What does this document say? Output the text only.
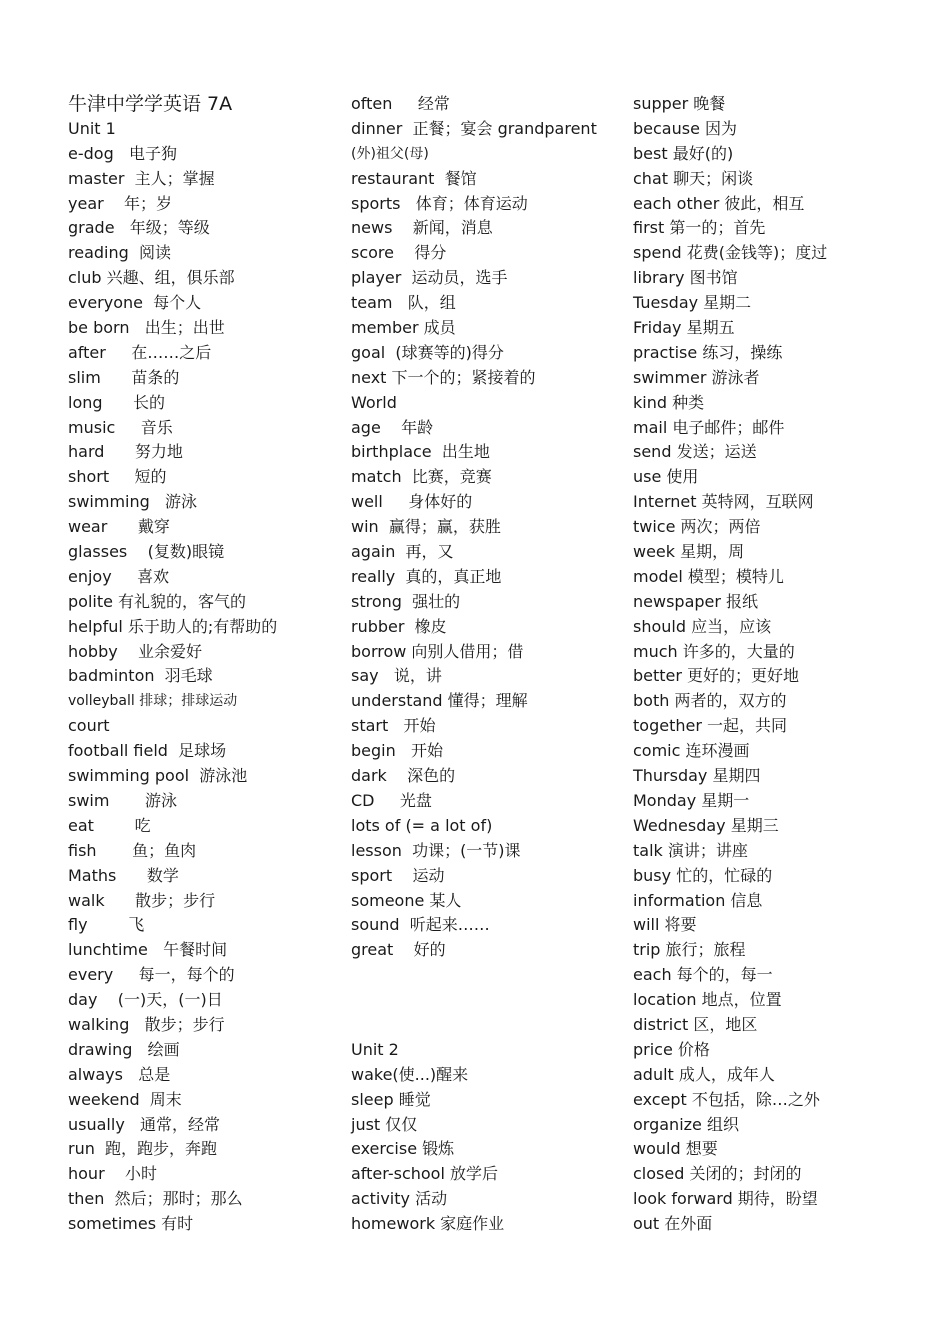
牛津中学学英语 7A
Unit 1
e-dog   电子狗
master  主人；掌握
year    年；岁
grade   年级；等级
reading  阅读
club 兴趣、组，俱乐部
everyone  每个人
be born   出生；出世
after     在……之后
slim      苗条的
long      长的
music     音乐
hard      努力地
short     短的
swimming   游泳
wear      戴穿
glasses    (复数)眼镜
enjoy     喜欢
polite 有礼貌的，客气的
helpful 乐于助人的;有帮助的
hobby    业余爱好
badminton  羽毛球
volleyball 排球；排球运动
court
football field  足球场
swimming pool  游泳池
swim       游泳
eat        吃
fish       鱼；鱼肉
Maths      数学
walk      散步；步行
fly        飞
lunchtime   午餐时间
every     每一，每个的
day    (一)天，(一)日
walking   散步；步行
drawing   绘画
always   总是
weekend  周末
usually   通常，经常
run  跑，跑步，奔跑
hour    小时
then  然后；那时；那么
sometimes 有时
often     经常
dinner  正餐；宴会 grandparent
(外)祖父(母)
restaurant  餐馆
sports   体育；体育运动
news    新闻，消息
score    得分
player  运动员，选手
team   队，组
member 成员
goal  (球赛等的)得分
next 下一个的；紧接着的
World
age    年龄
birthplace  出生地
match  比赛，竞赛
well     身体好的
win  赢得；赢，获胜
again  再，又
really  真的，真正地
strong  强壮的
rubber  橡皮
borrow 向别人借用；借
say   说，讲
understand 懂得；理解
start   开始
begin   开始
dark    深色的
CD     光盘
lots of (= a lot of)
lesson  功课；(一节)课
sport    运动
someone 某人
sound  听起来……
great    好的
Unit 2
wake(使...)醒来
sleep 睡觉
just 仅仅
exercise 锻炼
after-school 放学后
activity 活动
homework 家庭作业
supper 晚餐
because 因为
best 最好(的)
chat 聊天；闲谈
each other 彼此，相互
first 第一的；首先
spend 花费(金钱等)；度过
library 图书馆
Tuesday 星期二
Friday 星期五
practise 练习，操练
swimmer 游泳者
kind 种类
mail 电子邮件；邮件
send 发送；运送
use 使用
Internet 英特网，互联网
twice 两次；两倍
week 星期，周
model 模型；模特儿
newspaper 报纸
should 应当，应该
much 许多的，大量的
better 更好的；更好地
both 两者的，双方的
together 一起，共同
comic 连环漫画
Thursday 星期四
Monday 星期一
Wednesday 星期三
talk 演讲；讲座
busy 忙的，忙碌的
information 信息
will 将要
trip 旅行；旅程
each 每个的，每一
location 地点，位置
district 区，地区
price 价格
adult 成人，成年人
except 不包括，除…之外
organize 组织
would 想要
closed 关闭的；封闭的
look forward 期待，盼望
out 在外面
